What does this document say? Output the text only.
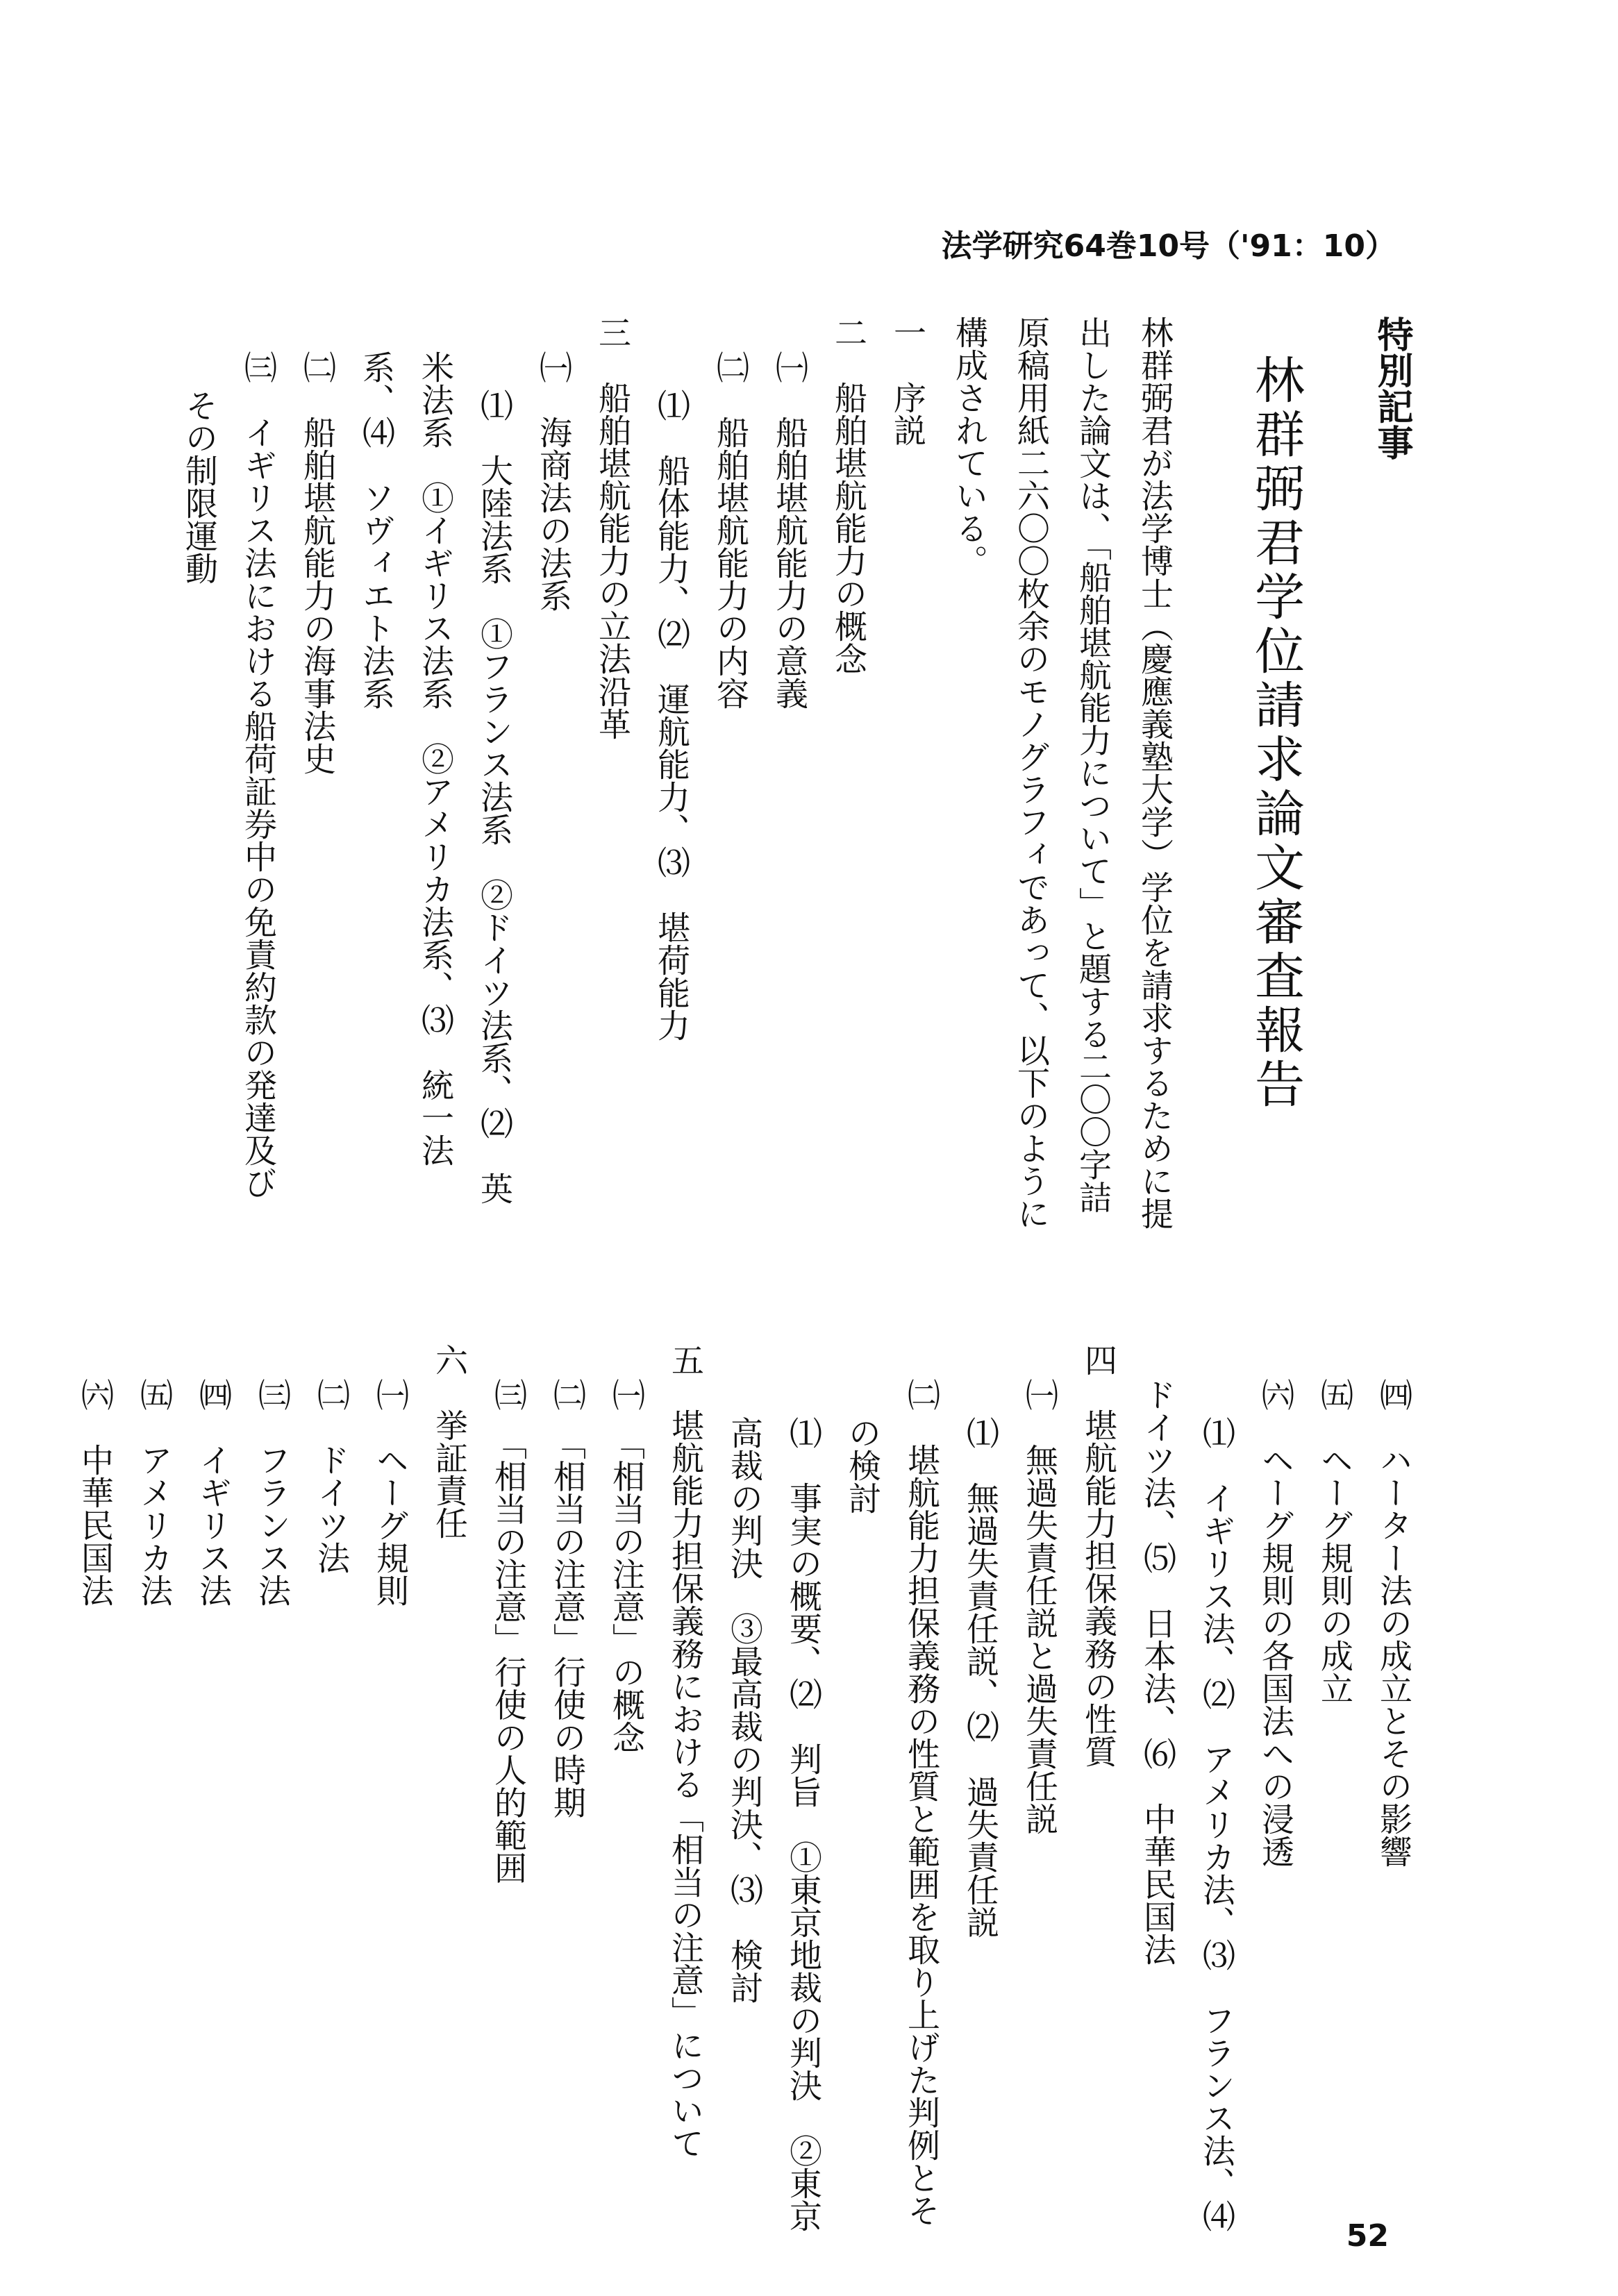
法学研究64巻10号（'91：10）
特別記事
林群弼君学位請求論文審査報告
林群弼君が法学博士（慶應義塾大学）学位を請求するために提
出した論文は、「船舶堪航能力について」と題する二〇〇字詰
原稿用紙二六〇〇枚余のモノグラフィであって、以下のように
構成されている。
一　序説
二　船舶堪航能力の概念
㈠　船舶堪航能力の意義
㈡　船舶堪航能力の内容
⑴　船体能力、⑵　運航能力、⑶　堪荷能力
三　船舶堪航能力の立法沿革
㈠　海商法の法系
⑴　大陸法系　①フランス法系　②ドイツ法系、⑵　英
米法系　①イギリス法系　②アメリカ法系、⑶　統一法
系、⑷　ソヴィエト法系
㈡　船舶堪航能力の海事法史
㈢　イギリス法における船荷証券中の免責約款の発達及び
その制限運動
㈣　ハーター法の成立とその影響
㈤　ヘーグ規則の成立
㈥　ヘーグ規則の各国法への浸透
⑴　イギリス法、⑵　アメリカ法、⑶　フランス法、⑷
ドイツ法、⑸　日本法、⑹　中華民国法
四　堪航能力担保義務の性質
㈠　無過失責任説と過失責任説
⑴　無過失責任説、⑵　過失責任説
㈡　堪航能力担保義務の性質と範囲を取り上げた判例とそ
の検討
⑴　事実の概要、⑵　判旨　①東京地裁の判決　②東京
高裁の判決　③最高裁の判決、⑶　検討
五　堪航能力担保義務における「相当の注意」について
㈠　「相当の注意」の概念
㈡　「相当の注意」行使の時期
㈢　「相当の注意」行使の人的範囲
六　挙証責任
㈠　ヘーグ規則
㈡　ドイツ法
㈢　フランス法
㈣　イギリス法
㈤　アメリカ法
㈥　中華民国法
52
